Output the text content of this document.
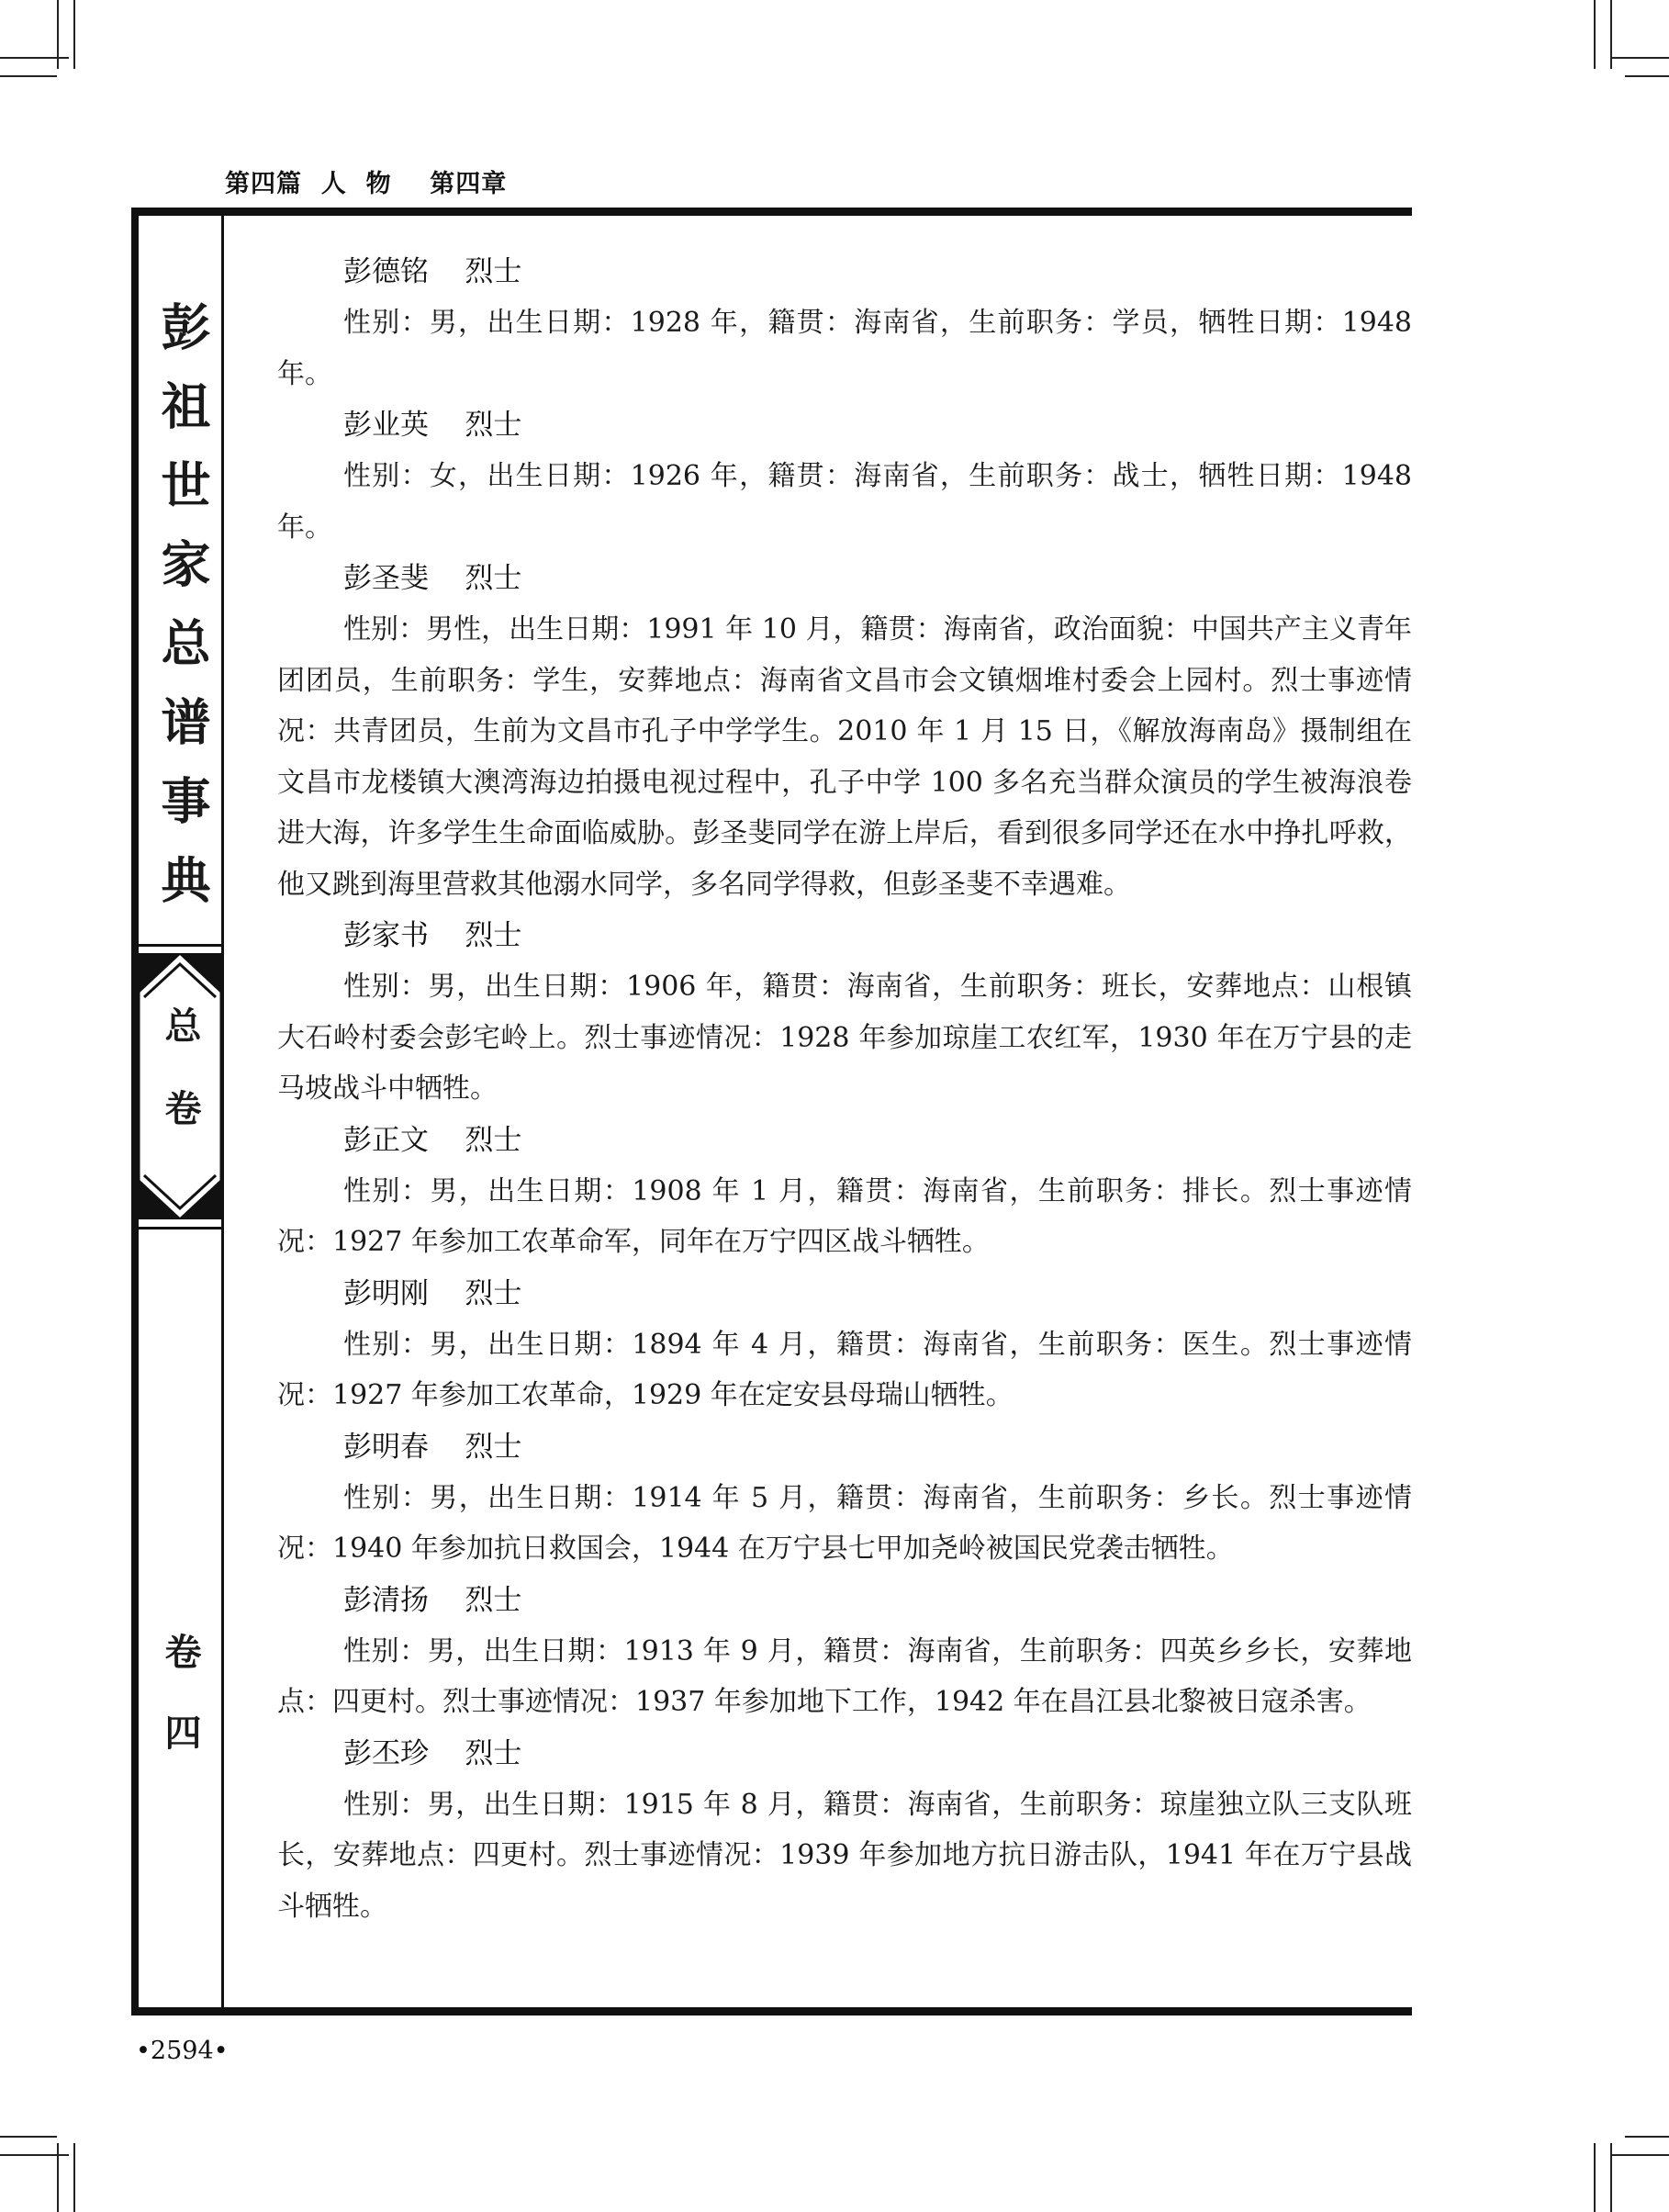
第四篇  人  物    第四章
彭祖世家总谱事典
总卷
卷四
彭德铭    烈士
性别：男，出生日期：1928 年，籍贯：海南省，生前职务：学员，牺牲日期：1948 年。
彭业英    烈士
性别：女，出生日期：1926 年，籍贯：海南省，生前职务：战士，牺牲日期：1948 年。
彭圣斐    烈士
性别：男性，出生日期：1991 年 10 月，籍贯：海南省，政治面貌：中国共产主义青年团团员，生前职务：学生，安葬地点：海南省文昌市会文镇烟堆村委会上园村。烈士事迹情况：共青团员，生前为文昌市孔子中学学生。2010 年 1 月 15 日，《解放海南岛》摄制组在文昌市龙楼镇大澳湾海边拍摄电视过程中，孔子中学 100 多名充当群众演员的学生被海浪卷进大海，许多学生生命面临威胁。彭圣斐同学在游上岸后，看到很多同学还在水中挣扎呼救，他又跳到海里营救其他溺水同学，多名同学得救，但彭圣斐不幸遇难。
彭家书    烈士
性别：男，出生日期：1906 年，籍贯：海南省，生前职务：班长，安葬地点：山根镇大石岭村委会彭宅岭上。烈士事迹情况：1928 年参加琼崖工农红军，1930 年在万宁县的走马坡战斗中牺牲。
彭正文    烈士
性别：男，出生日期：1908 年 1 月，籍贯：海南省，生前职务：排长。烈士事迹情况：1927 年参加工农革命军，同年在万宁四区战斗牺牲。
彭明刚    烈士
性别：男，出生日期：1894 年 4 月，籍贯：海南省，生前职务：医生。烈士事迹情况：1927 年参加工农革命，1929 年在定安县母瑞山牺牲。
彭明春    烈士
性别：男，出生日期：1914 年 5 月，籍贯：海南省，生前职务：乡长。烈士事迹情况：1940 年参加抗日救国会，1944 在万宁县七甲加尧岭被国民党袭击牺牲。
彭清扬    烈士
性别：男，出生日期：1913 年 9 月，籍贯：海南省，生前职务：四英乡乡长，安葬地点：四更村。烈士事迹情况：1937 年参加地下工作，1942 年在昌江县北黎被日寇杀害。
彭丕珍    烈士
性别：男，出生日期：1915 年 8 月，籍贯：海南省，生前职务：琼崖独立队三支队班长，安葬地点：四更村。烈士事迹情况：1939 年参加地方抗日游击队，1941 年在万宁县战斗牺牲。
•2594•
